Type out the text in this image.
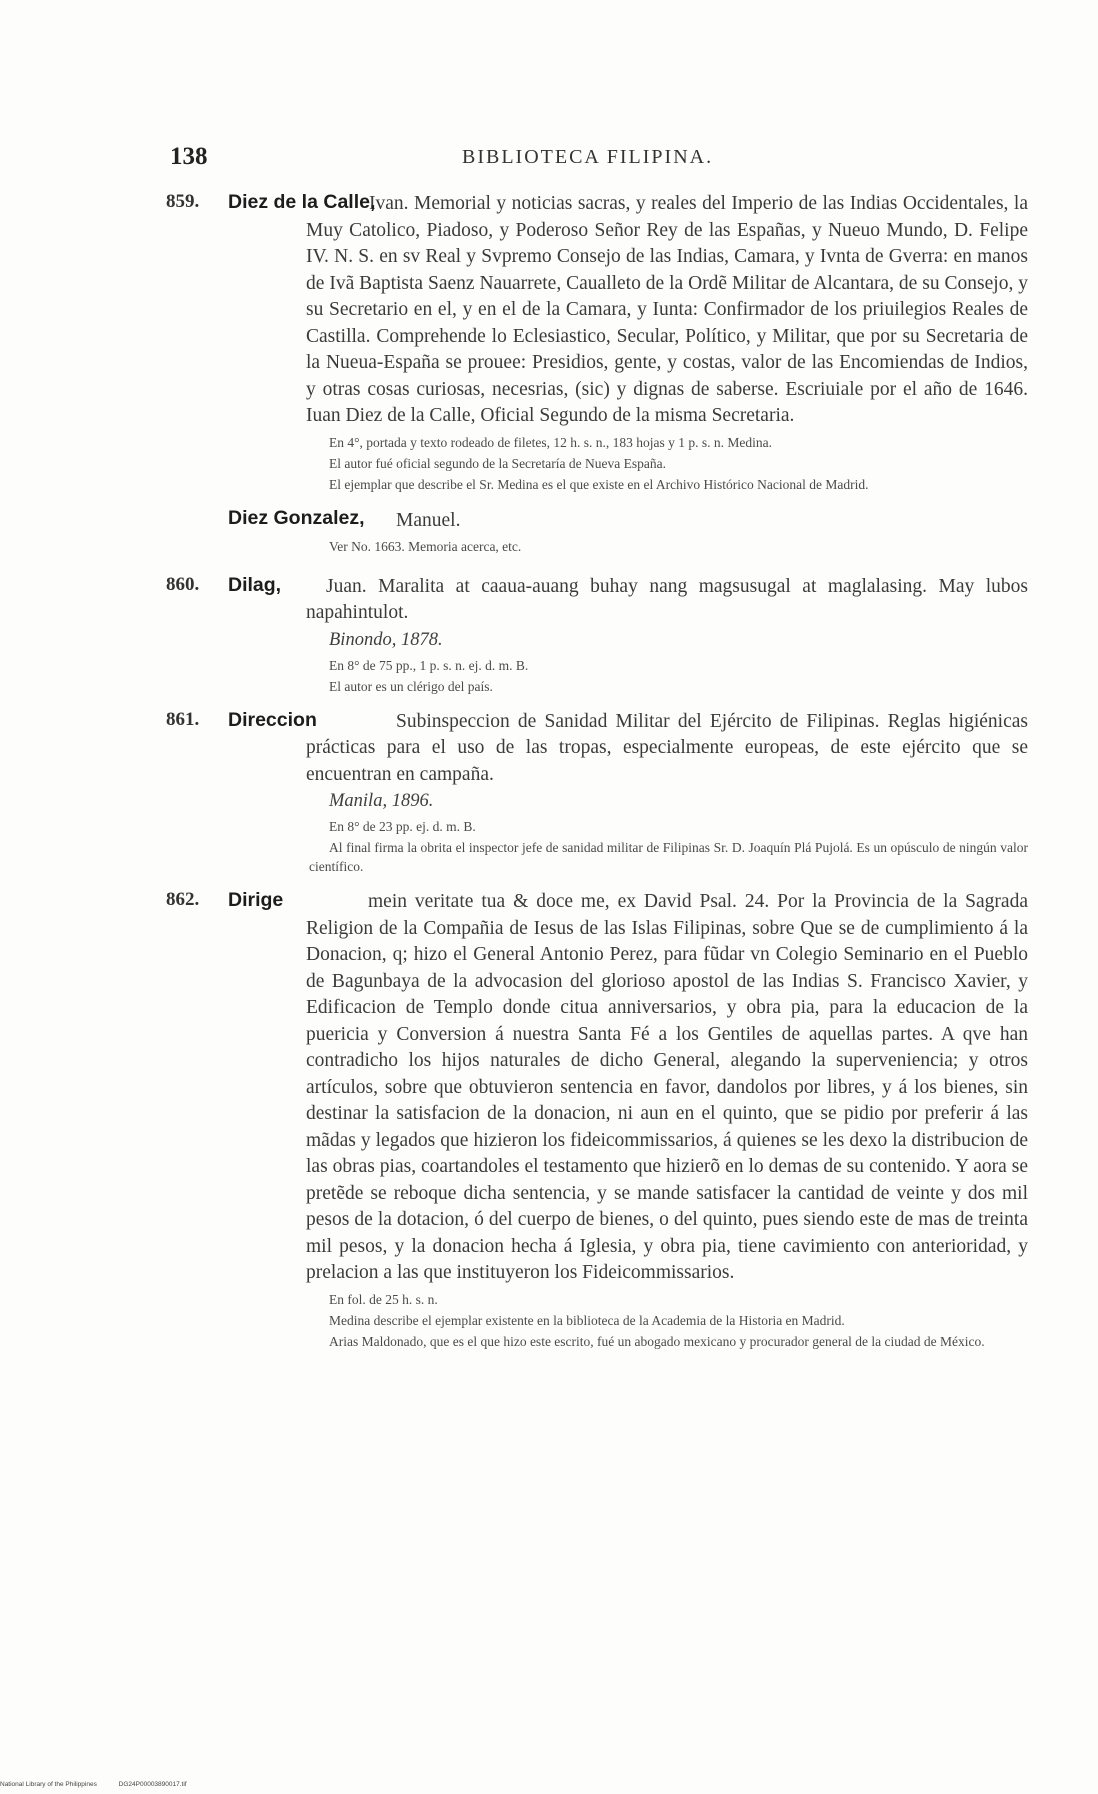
138	BIBLIOTECA FILIPINA.
859.	Diez de la Calle,
Ivan. Memorial y noticias sacras, y reales del Imperio de las Indias Occidentales, la Muy Catolico, Piadoso, y Poderoso Señor Rey de las Españas, y Nueuo Mundo, D. Felipe IV. N. S. en sv Real y Svpremo Consejo de las Indias, Camara, y Ivnta de Gverra: en manos de Ivã Baptista Saenz Nauarrete, Caualleto de la Ordẽ Militar de Alcantara, de su Consejo, y su Secretario en el, y en el de la Camara, y Iunta: Confirmador de los priuilegios Reales de Castilla. Comprehende lo Eclesiastico, Secular, Político, y Militar, que por su Secretaria de la Nueua-España se prouee: Presidios, gente, y costas, valor de las Encomiendas de Indios, y otras cosas curiosas, necesrias, (sic) y dignas de saberse. Escriuiale por el año de 1646. Iuan Diez de la Calle, Oficial Segundo de la misma Secretaria.

En 4°, portada y texto rodeado de filetes, 12 h. s. n., 183 hojas y 1 p. s. n. Medina.

El autor fué oficial segundo de la Secretaría de Nueva España.

El ejemplar que describe el Sr. Medina es el que existe en el Archivo Histórico Nacional de Madrid.

Diez Gonzalez,	Manuel.

Ver No. 1663. Memoria acerca, etc.

860.	Dilag,	Juan. Maralita at caaua-auang buhay nang magsusugal at maglalasing. May lubos napahintulot.
Binondo, 1878.

En 8° de 75 pp., 1 p. s. n. ej. d. m. B.

El autor es un clérigo del país.

861.	Direccion	Subinspeccion de Sanidad Militar del Ejército de Filipinas. Reglas higiénicas prácticas para el uso de las tropas, especialmente europeas, de este ejército que se encuentran en campaña.
Manila, 1896.

En 8° de 23 pp. ej. d. m. B.

Al final firma la obrita el inspector jefe de sanidad militar de Filipinas Sr. D. Joaquín Plá Pujolá. Es un opúsculo de ningún valor científico.

862.	Dirige	mein veritate tua & doce me, ex David Psal. 24. Por la Provincia de la Sagrada Religion de la Compañia de Iesus de las Islas Filipinas, sobre Que se de cumplimiento á la Donacion, q; hizo el General Antonio Perez, para fũdar vn Colegio Seminario en el Pueblo de Bagunbaya de la advocasion del glorioso apostol de las Indias S. Francisco Xavier, y Edificacion de Templo donde citua anniversarios, y obra pia, para la educacion de la puericia y Conversion á nuestra Santa Fé a los Gentiles de aquellas partes. A qve han contradicho los hijos naturales de dicho General, alegando la superveniencia; y otros artículos, sobre que obtuvieron sentencia en favor, dandolos por libres, y á los bienes, sin destinar la satisfacion de la donacion, ni aun en el quinto, que se pidio por preferir á las mãdas y legados que hizieron los fideicommissarios, á quienes se les dexo la distribucion de las obras pias, coartandoles el testamento que hizierõ en lo demas de su contenido. Y aora se pretẽde se reboque dicha sentencia, y se mande satisfacer la cantidad de veinte y dos mil pesos de la dotacion, ó del cuerpo de bienes, o del quinto, pues siendo este de mas de treinta mil pesos, y la donacion hecha á Iglesia, y obra pia, tiene cavimiento con anterioridad, y prelacion a las que instituyeron los Fideicommissarios.

En fol. de 25 h. s. n.

Medina describe el ejemplar existente en la biblioteca de la Academia de la Historia en Madrid.

Arias Maldonado, que es el que hizo este escrito, fué un abogado mexicano y procurador general de la ciudad de México.

National Library of the Philippines	DG24P00003890017.tif
